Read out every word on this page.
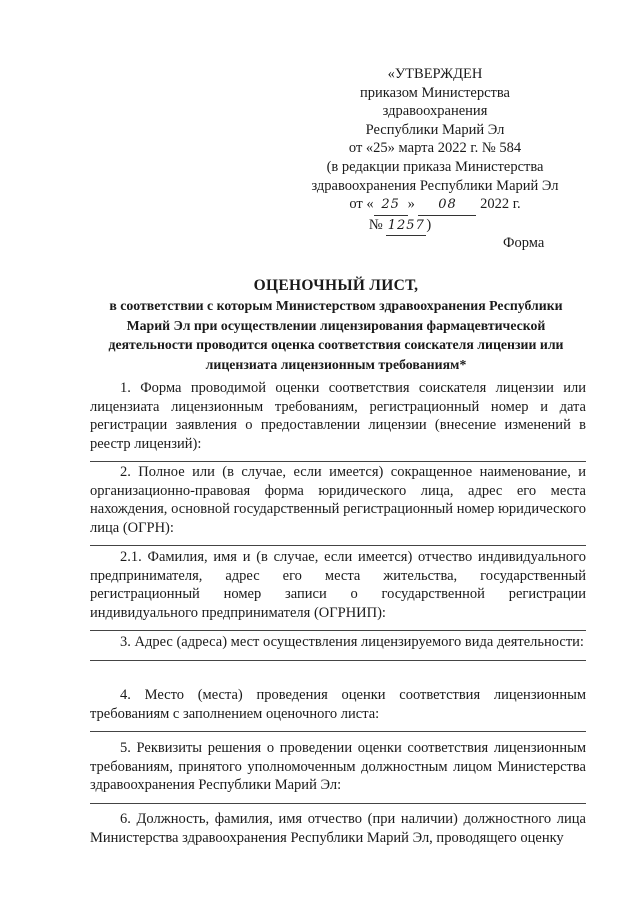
«УТВЕРЖДЕН
приказом Министерства
здравоохранения
Республики Марий Эл
от «25» марта 2022 г. № 584
(в редакции приказа Министерства
здравоохранения Республики Марий Эл
от « 25 » 08 2022 г.
№ 1257)
Форма
ОЦЕНОЧНЫЙ ЛИСТ,
в соответствии с которым Министерством здравоохранения Республики Марий Эл при осуществлении лицензирования фармацевтической деятельности проводится оценка соответствия соискателя лицензии или лицензиата лицензионным требованиям*

1. Форма проводимой оценки соответствия соискателя лицензии или лицензиата лицензионным требованиям, регистрационный номер и дата регистрации заявления о предоставлении лицензии (внесение изменений в реестр лицензий):

2. Полное или (в случае, если имеется) сокращенное наименование, и организационно-правовая форма юридического лица, адрес его места нахождения, основной государственный регистрационный номер юридического лица (ОГРН):

2.1. Фамилия, имя и (в случае, если имеется) отчество индивидуального предпринимателя, адрес его места жительства, государственный регистрационный номер записи о государственной регистрации индивидуального предпринимателя (ОГРНИП):

3. Адрес (адреса) мест осуществления лицензируемого вида деятельности:

4. Место (места) проведения оценки соответствия лицензионным требованиям с заполнением оценочного листа:

5. Реквизиты решения о проведении оценки соответствия лицензионным требованиям, принятого уполномоченным должностным лицом Министерства здравоохранения Республики Марий Эл:

6. Должность, фамилия, имя отчество (при наличии) должностного лица Министерства здравоохранения Республики Марий Эл, проводящего оценку
